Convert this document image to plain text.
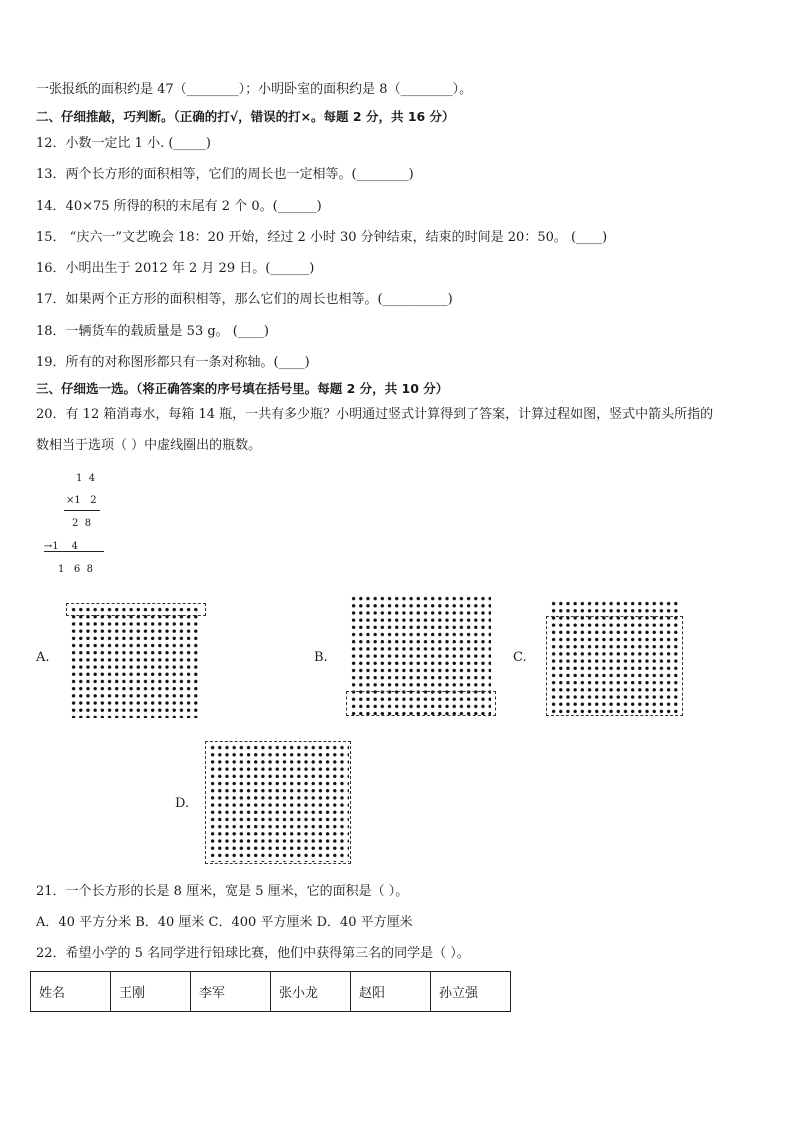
一张报纸的面积约是 47（________）；小明卧室的面积约是 8（________）。
二、仔细推敲，巧判断。（正确的打√，错误的打×。每题 2 分，共 16 分）
12．小数一定比 1 小. (_____)
13．两个长方形的面积相等，它们的周长也一定相等。(________)
14．40×75 所得的积的末尾有 2 个 0。(______)
15． “庆六一”文艺晚会 18：20 开始，经过 2 小时 30 分钟结束，结束的时间是 20：50。 (____)
16．小明出生于 2012 年 2 月 29 日。(______)
17．如果两个正方形的面积相等，那么它们的周长也相等。(__________)
18．一辆货车的载质量是 53 g。 (____)
19．所有的对称图形都只有一条对称轴。(____)
三、仔细选一选。（将正确答案的序号填在括号里。每题 2 分，共 10 分）
20．有 12 箱消毒水，每箱 14 瓶，一共有多少瓶？小明通过竖式计算得到了答案，计算过程如图，竖式中箭头所指的
数相当于选项（ ）中虚线圈出的瓶数。
1  4
×1   2
2  8
→1    4
1   6  8
A.	B.	C.
D.
21．一个长方形的长是 8 厘米，宽是 5 厘米，它的面积是（ ）。
A．40 平方分米 B．40 厘米 C．400 平方厘米 D．40 平方厘米
22．希望小学的 5 名同学进行铅球比赛，他们中获得第三名的同学是（ ）。
姓名	王刚	李军	张小龙	赵阳	孙立强
